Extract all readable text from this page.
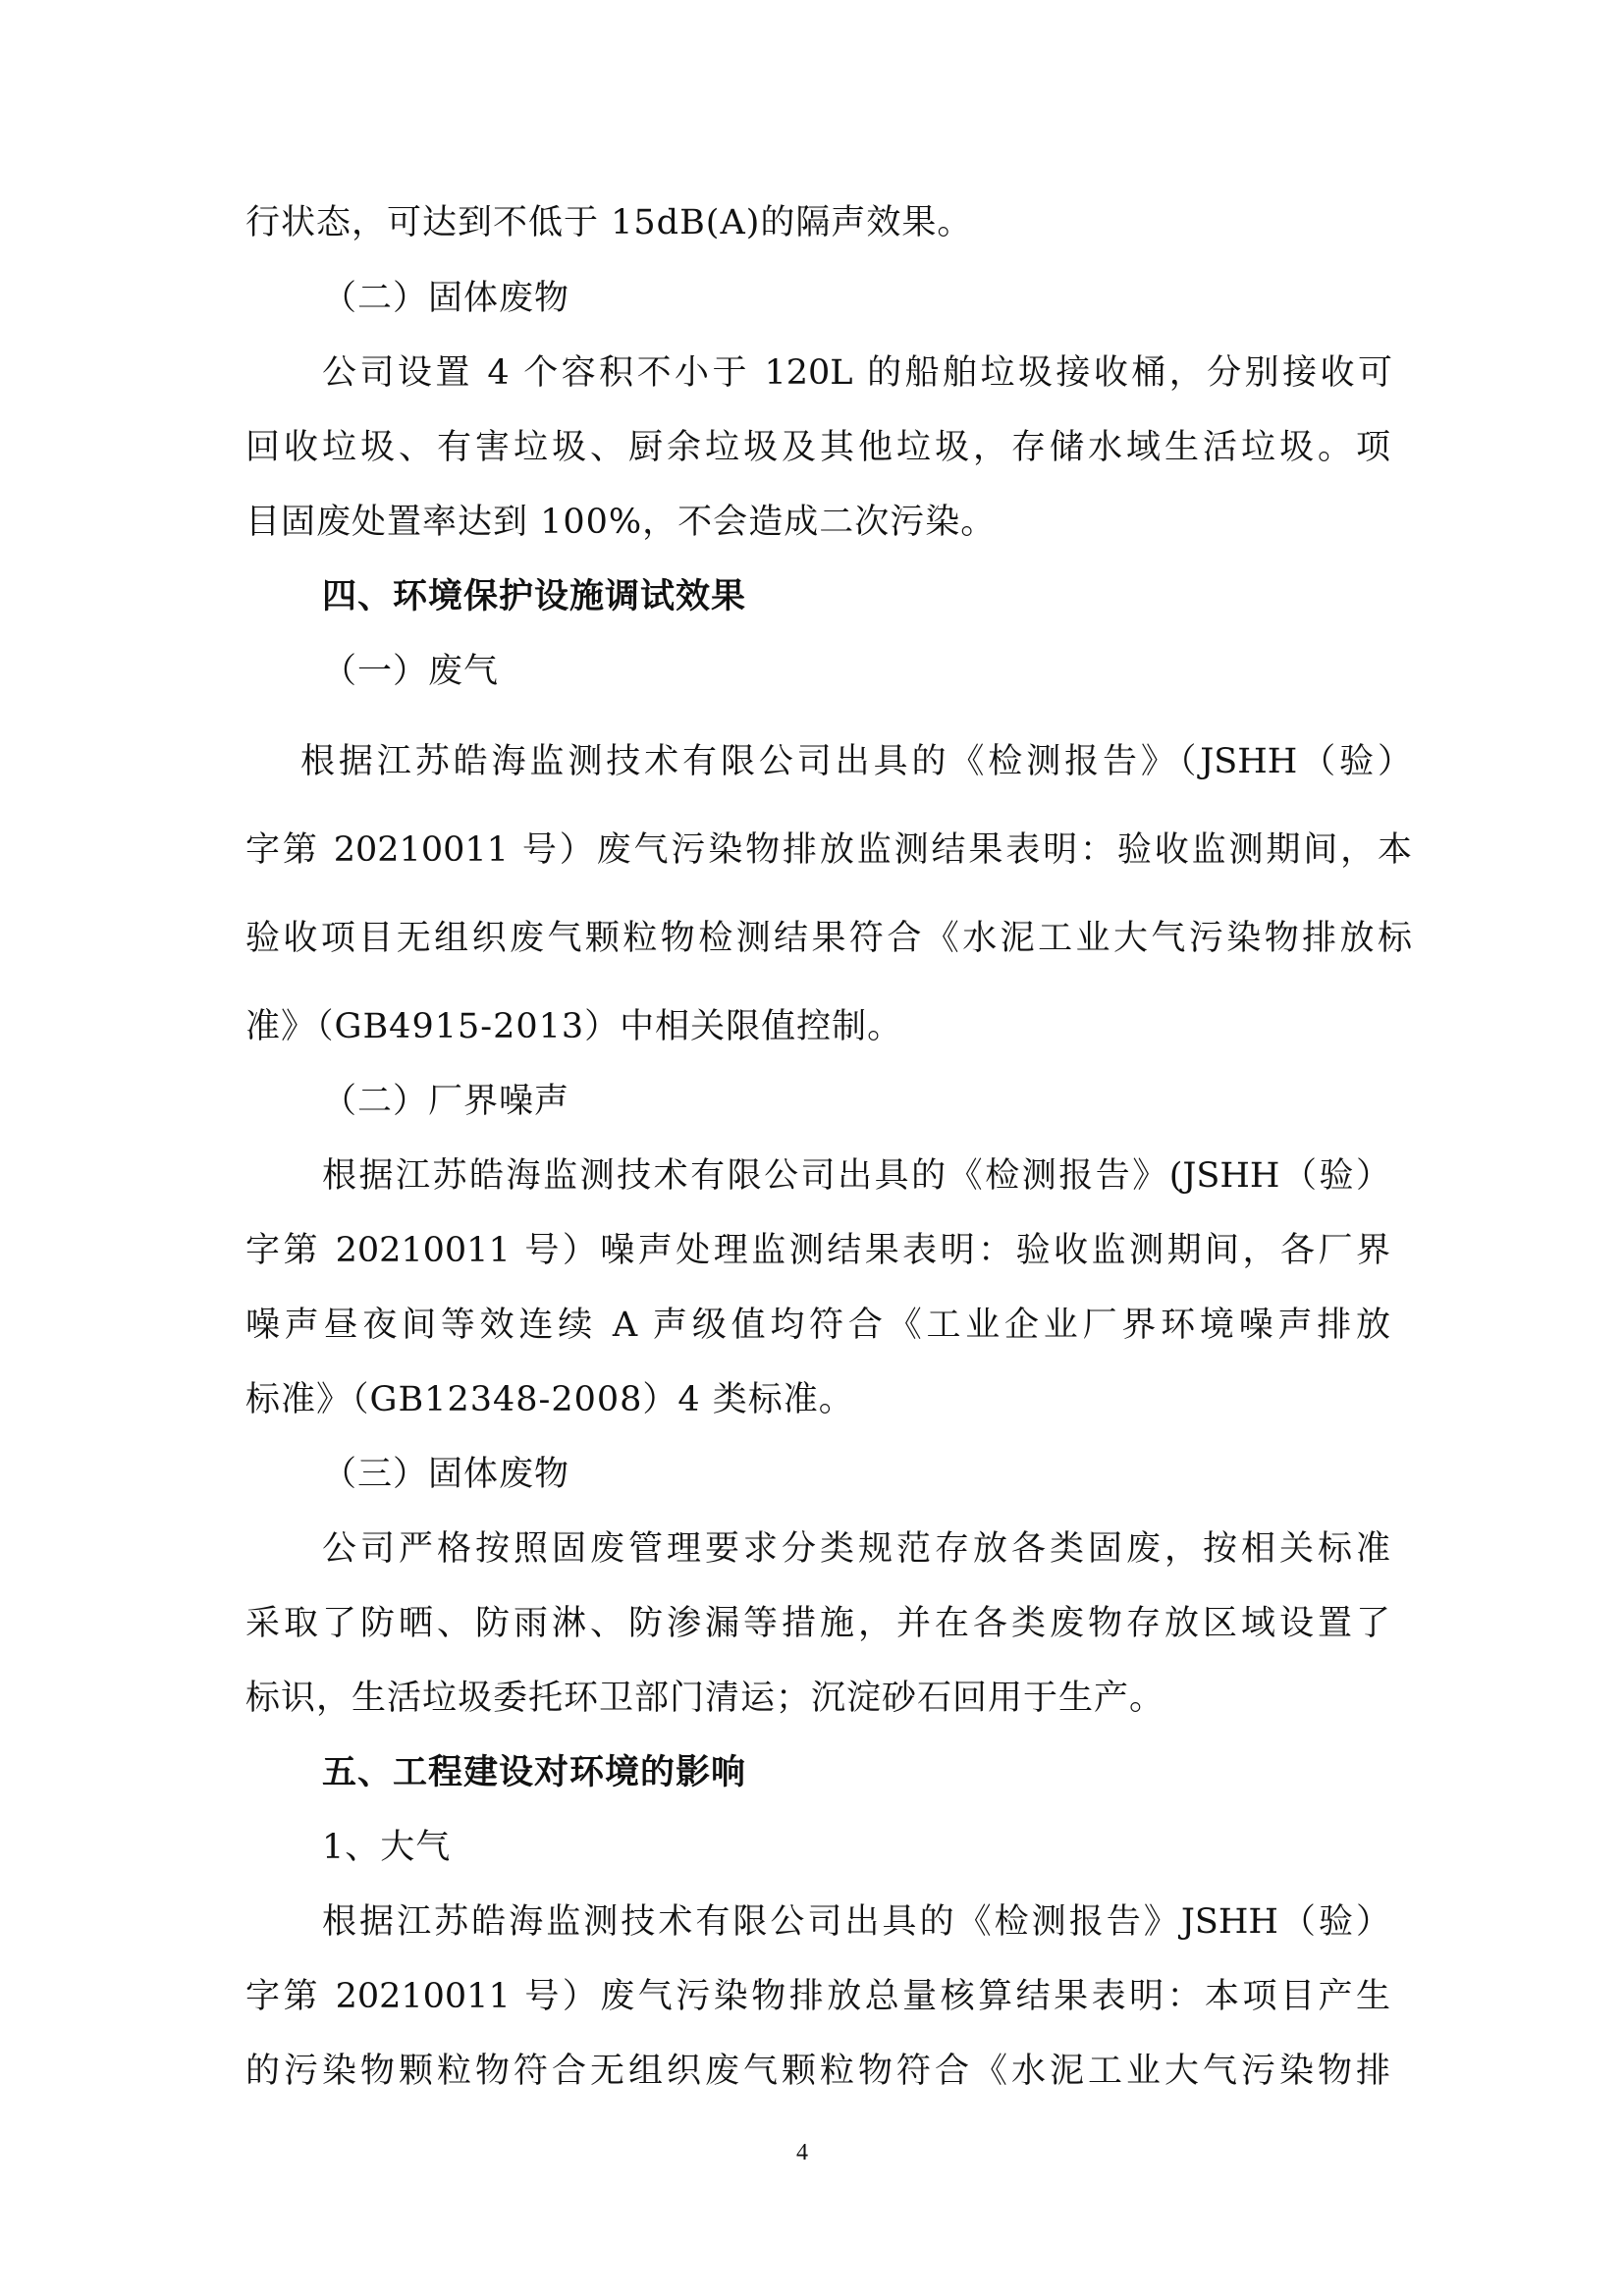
行状态，可达到不低于 15dB(A)的隔声效果。
（二）固体废物
公司设置 4 个容积不小于 120L 的船舶垃圾接收桶，分别接收可
回收垃圾、有害垃圾、厨余垃圾及其他垃圾，存储水域生活垃圾。项
目固废处置率达到 100%，不会造成二次污染。
四、环境保护设施调试效果
（一）废气
根据江苏皓海监测技术有限公司出具的《检测报告》（JSHH（验）
字第 20210011 号）废气污染物排放监测结果表明：验收监测期间，本
验收项目无组织废气颗粒物检测结果符合《水泥工业大气污染物排放标
准》（GB4915-2013）中相关限值控制。
（二）厂界噪声
根据江苏皓海监测技术有限公司出具的《检测报告》(JSHH（验）
字第 20210011 号）噪声处理监测结果表明：验收监测期间，各厂界
噪声昼夜间等效连续 A 声级值均符合《工业企业厂界环境噪声排放
标准》（GB12348-2008）4 类标准。
（三）固体废物
公司严格按照固废管理要求分类规范存放各类固废，按相关标准
采取了防晒、防雨淋、防渗漏等措施，并在各类废物存放区域设置了
标识，生活垃圾委托环卫部门清运；沉淀砂石回用于生产。
五、工程建设对环境的影响
1、大气
根据江苏皓海监测技术有限公司出具的《检测报告》JSHH（验）
字第 20210011 号）废气污染物排放总量核算结果表明：本项目产生
的污染物颗粒物符合无组织废气颗粒物符合《水泥工业大气污染物排
4
